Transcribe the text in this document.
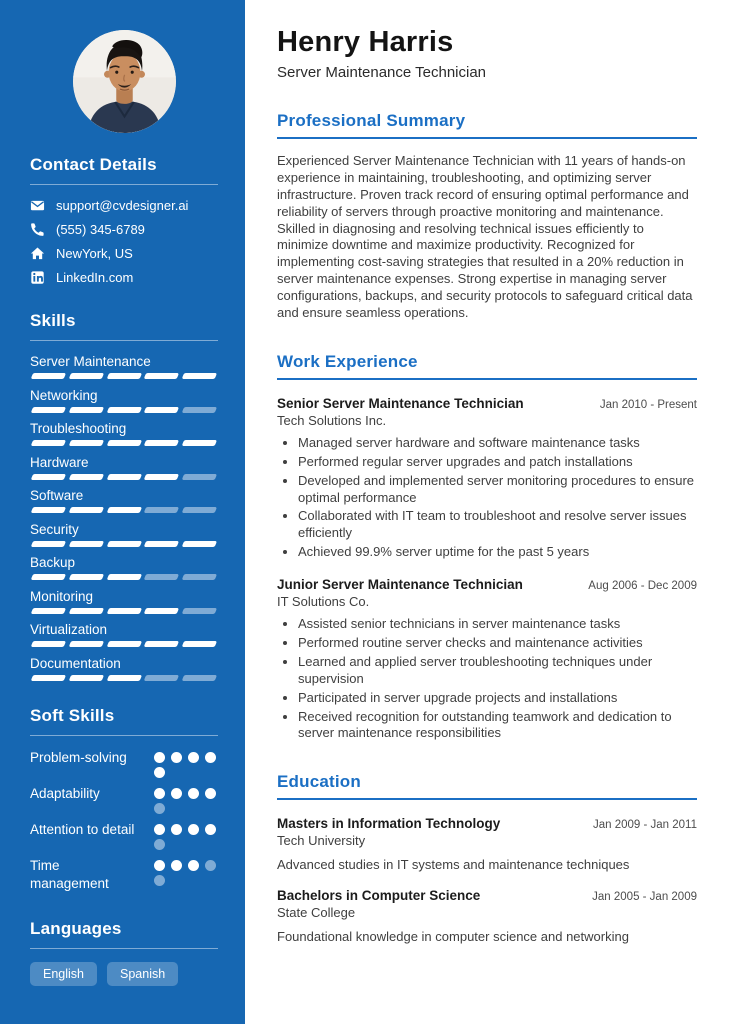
Contact Details
support@cvdesigner.ai
(555) 345-6789
NewYork, US
LinkedIn.com
Skills
Server Maintenance
Networking
Troubleshooting
Hardware
Software
Security
Backup
Monitoring
Virtualization
Documentation
Soft Skills
Problem-solving
Adaptability
Attention to detail
Time management
Languages
English	Spanish
Henry Harris
Server Maintenance Technician
Professional Summary

Experienced Server Maintenance Technician with 11 years of hands-on experience in maintaining, troubleshooting, and optimizing server infrastructure. Proven track record of ensuring optimal performance and reliability of servers through proactive monitoring and maintenance. Skilled in diagnosing and resolving technical issues efficiently to minimize downtime and maximize productivity. Recognized for implementing cost-saving strategies that resulted in a 20% reduction in server maintenance expenses. Strong expertise in managing server configurations, backups, and security protocols to safeguard critical data and ensure seamless operations.

Work Experience
Senior Server Maintenance Technician	Jan 2010 - Present
Tech Solutions Inc.
• Managed server hardware and software maintenance tasks
• Performed regular server upgrades and patch installations
• Developed and implemented server monitoring procedures to ensure optimal performance
• Collaborated with IT team to troubleshoot and resolve server issues efficiently
• Achieved 99.9% server uptime for the past 5 years
Junior Server Maintenance Technician	Aug 2006 - Dec 2009
IT Solutions Co.
• Assisted senior technicians in server maintenance tasks
• Performed routine server checks and maintenance activities
• Learned and applied server troubleshooting techniques under supervision
• Participated in server upgrade projects and installations
• Received recognition for outstanding teamwork and dedication to server maintenance responsibilities
Education
Masters in Information Technology	Jan 2009 - Jan 2011
Tech University
Advanced studies in IT systems and maintenance techniques
Bachelors in Computer Science	Jan 2005 - Jan 2009
State College
Foundational knowledge in computer science and networking
